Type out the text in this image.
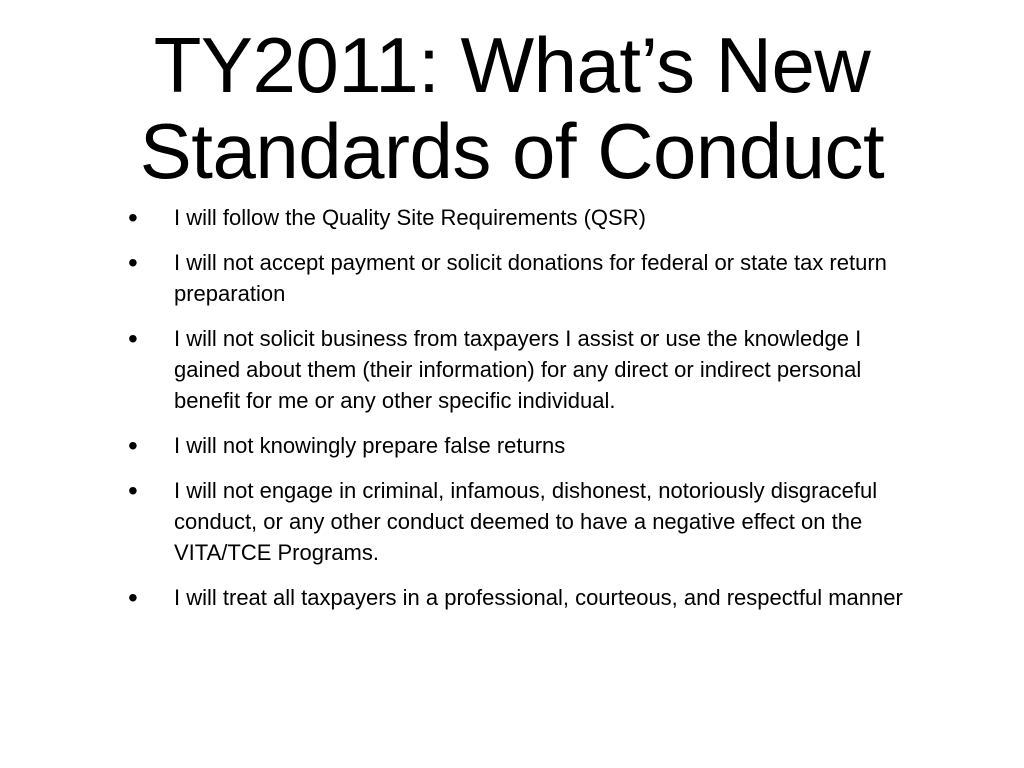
TY2011: What’s New
Standards of Conduct
• I will follow the Quality Site Requirements (QSR)
• I will not accept payment or solicit donations for federal or state tax return preparation
• I will not solicit business from taxpayers I assist or use the knowledge I gained about them (their information) for any direct or indirect personal benefit for me or any other specific individual.
• I will not knowingly prepare false returns
• I will not engage in criminal, infamous, dishonest, notoriously disgraceful conduct, or any other conduct deemed to have a negative effect on the VITA/TCE Programs.
• I will treat all taxpayers in a professional, courteous, and respectful manner
